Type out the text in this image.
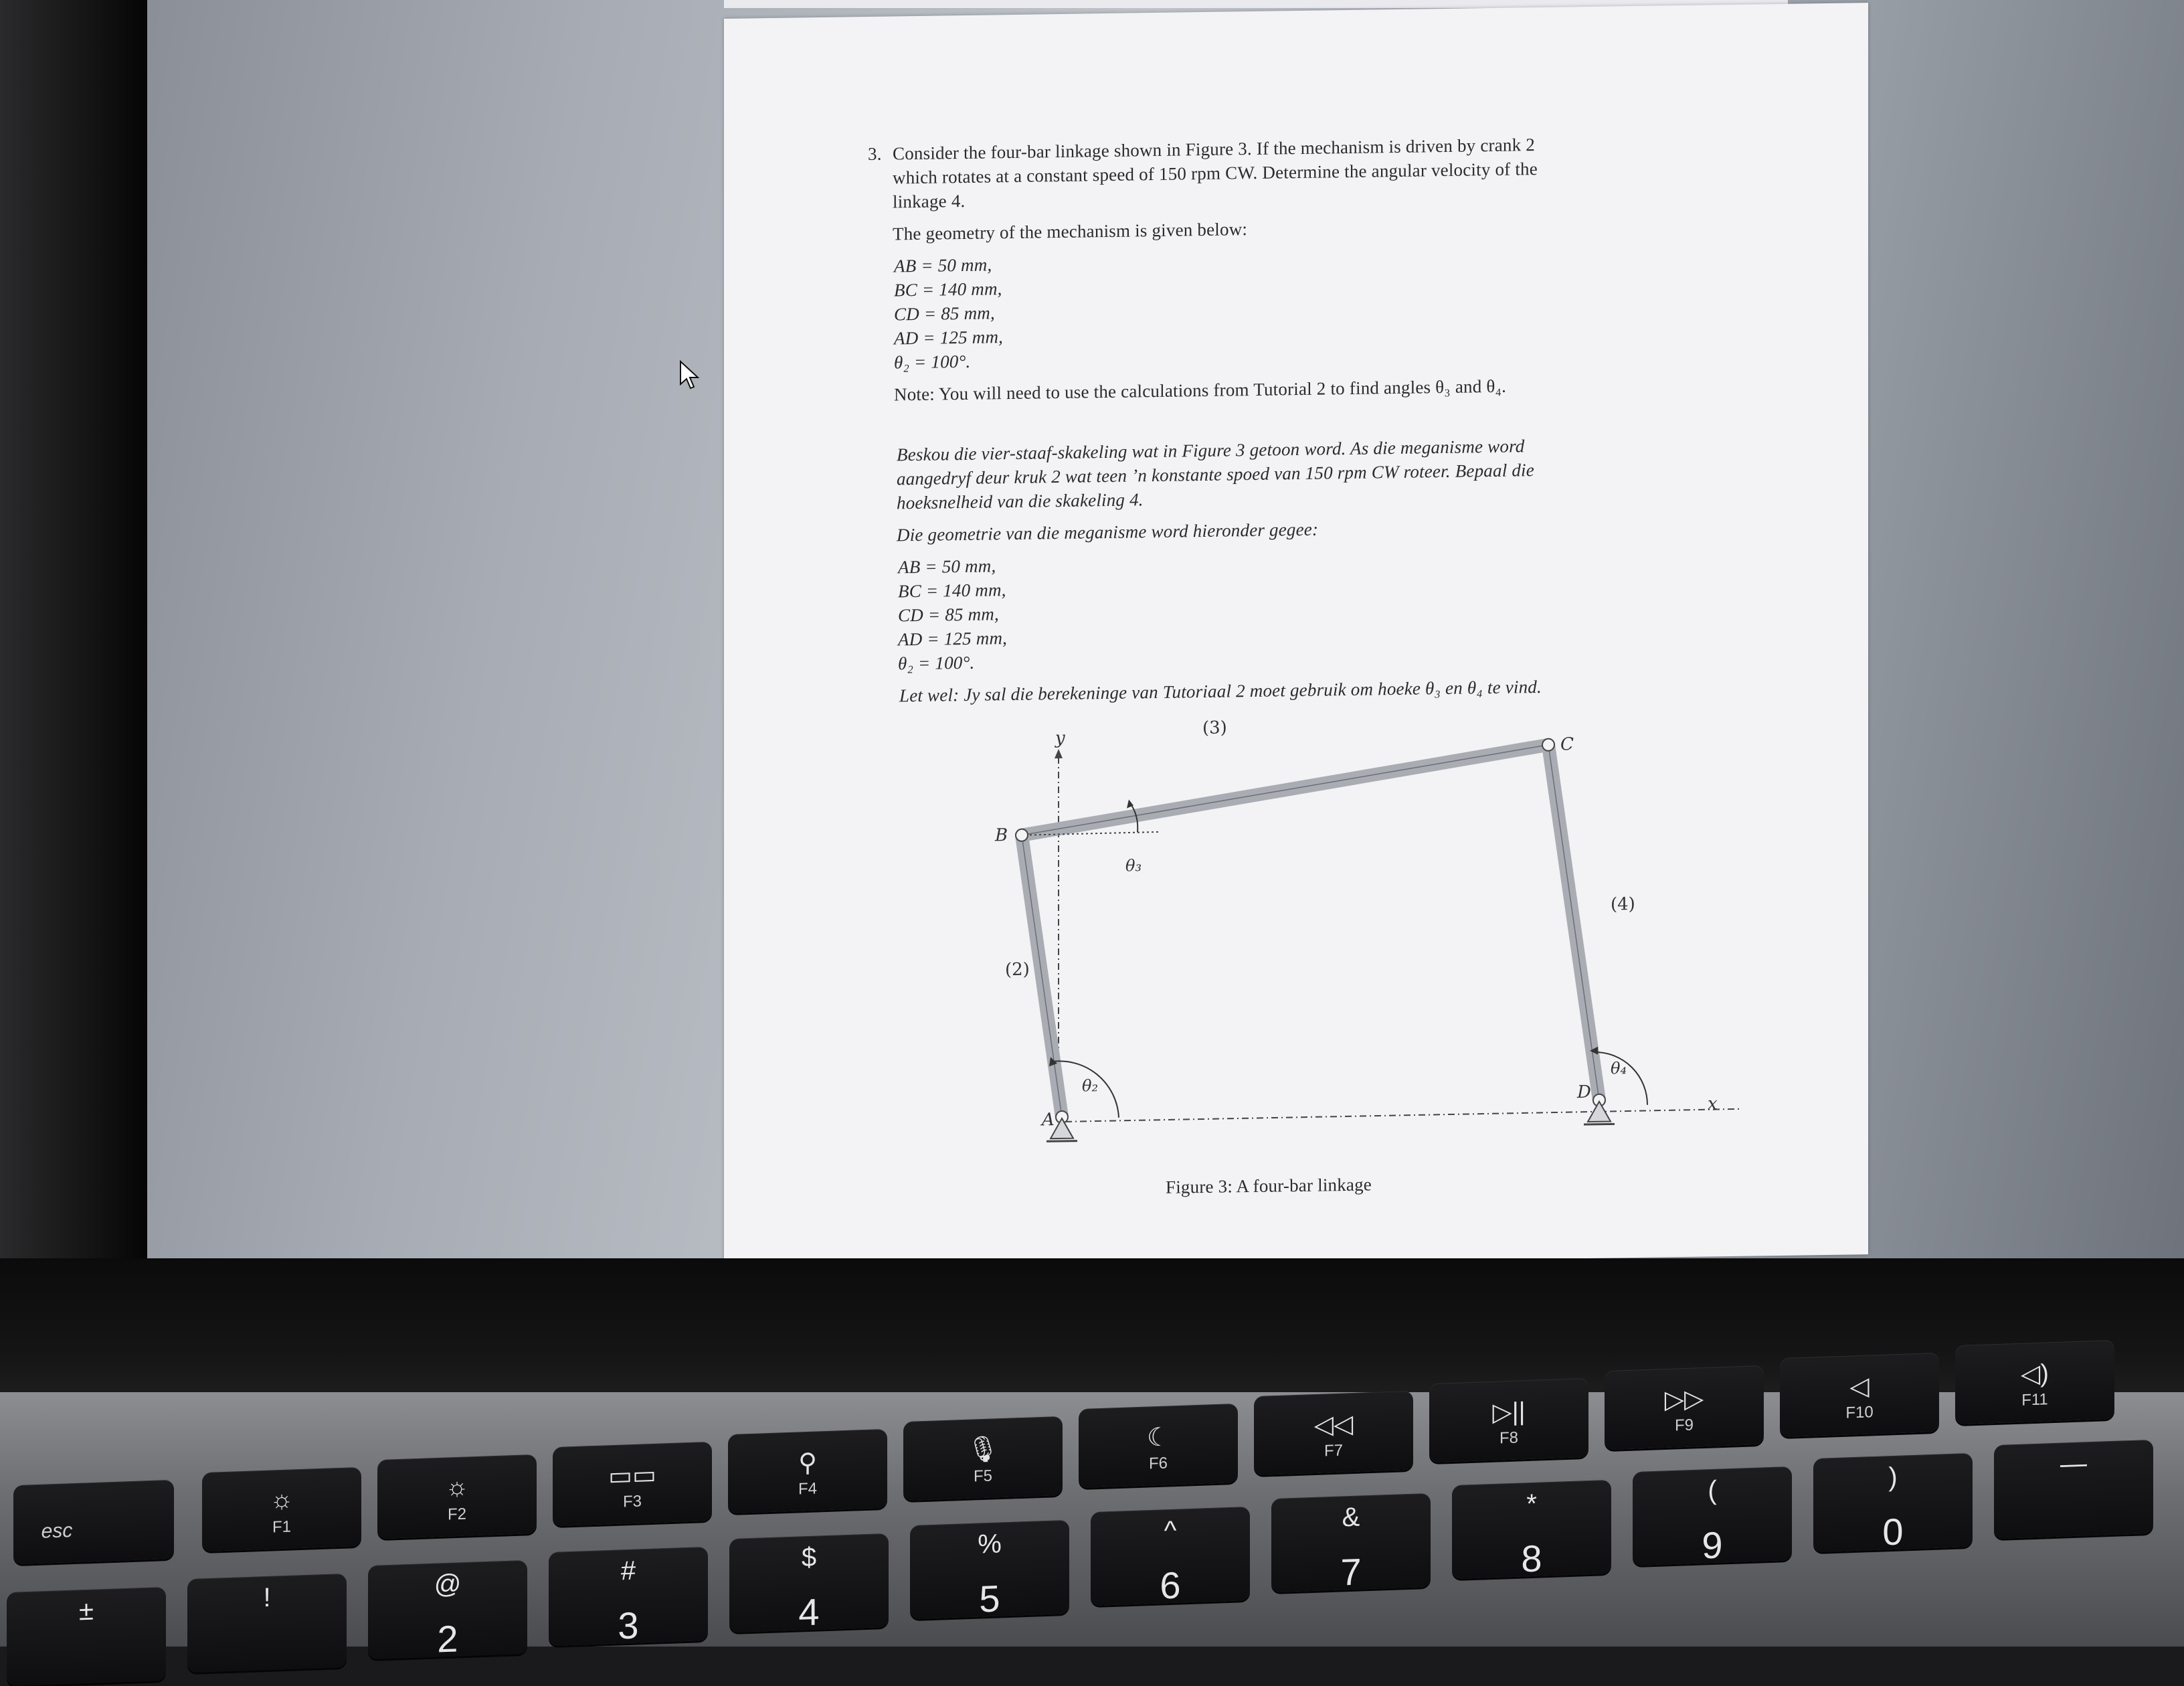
3. Consider the four-bar linkage shown in Figure 3. If the mechanism is driven by crank 2
which rotates at a constant speed of 150 rpm CW. Determine the angular velocity of the
linkage 4.
The geometry of the mechanism is given below:
AB = 50 mm,
BC = 140 mm,
CD = 85 mm,
AD = 125 mm,
θ₂ = 100°.
Note: You will need to use the calculations from Tutorial 2 to find angles θ₃ and θ₄.
Beskou die vier-staaf-skakeling wat in Figure 3 getoon word. As die meganisme word
aangedryf deur kruk 2 wat teen ’n konstante spoed van 150 rpm CW roteer. Bepaal die
hoeksnelheid van die skakeling 4.
Die geometrie van die meganisme word hieronder gegee:
AB = 50 mm,
BC = 140 mm,
CD = 85 mm,
AD = 125 mm,
θ₂ = 100°.
Let wel: Jy sal die berekeninge van Tutoriaal 2 moet gebruik om hoeke θ₃ en θ₄ te vind.
y
x
(3)
(4)
(2)
A
B
C
D
θ₂
θ₃
θ₄
Figure 3: A four-bar linkage
esc
☼
F1
☼
F2
▭▭
F3
⚲
F4
🎙
F5
☾
F6
◁◁
F7
▷||
F8
▷▷
F9
◁
F10
◁)
F11
±	!	@
2
#
3
$
4
%
5
^
6
&
7
*
8
(
9
)
0
—
